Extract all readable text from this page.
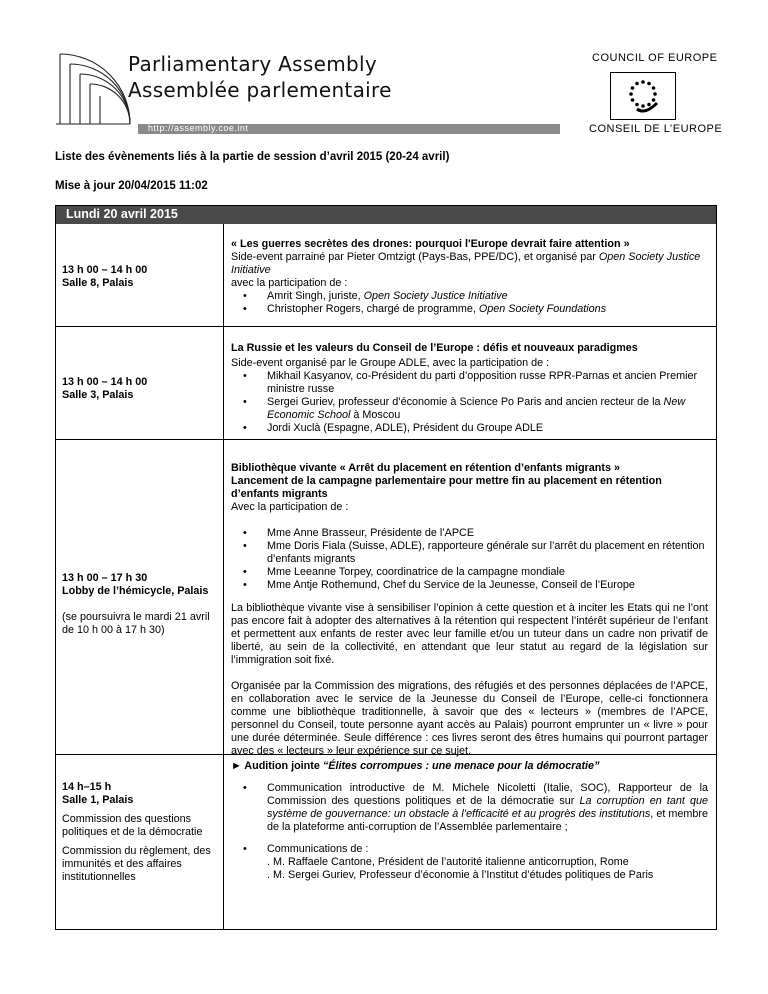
Parliamentary Assembly
Assemblée parlementaire
http://assembly.coe.int
COUNCIL OF EUROPE
CONSEIL DE L’EUROPE
Liste des évènements liés à la partie de session d’avril 2015 (20-24 avril)
Mise à jour 20/04/2015 11:02
Lundi 20 avril 2015
13 h 00 – 14 h 00
Salle 8, Palais
« Les guerres secrètes des drones: pourquoi l'Europe devrait faire attention »
Side-event parrainé par Pieter Omtzigt (Pays-Bas, PPE/DC), et organisé par Open Society Justice Initiative
avec la participation de :
• Amrit Singh, juriste, Open Society Justice Initiative
• Christopher Rogers, chargé de programme, Open Society Foundations
13 h 00 – 14 h 00
Salle 3, Palais
La Russie et les valeurs du Conseil de l’Europe : défis et nouveaux paradigmes
Side-event organisé par le Groupe ADLE, avec la participation de :
• Mikhail Kasyanov, co-Président du parti d’opposition russe RPR-Parnas et ancien Premier ministre russe
• Sergei Guriev, professeur d’économie à Science Po Paris and ancien recteur de la New Economic School à Moscou
• Jordi Xuclà (Espagne, ADLE), Président du Groupe ADLE
13 h 00 – 17 h 30
Lobby de l’hémicycle, Palais
(se poursuivra le mardi 21 avril de 10 h 00 à 17 h 30)
Bibliothèque vivante « Arrêt du placement en rétention d’enfants migrants »
Lancement de la campagne parlementaire pour mettre fin au placement en rétention d’enfants migrants
Avec la participation de :
• Mme Anne Brasseur, Présidente de l’APCE
• Mme Doris Fiala (Suisse, ADLE), rapporteure générale sur l’arrêt du placement en rétention d’enfants migrants
• Mme Leeanne Torpey, coordinatrice de la campagne mondiale
• Mme Antje Rothemund, Chef du Service de la Jeunesse, Conseil de l’Europe

La bibliothèque vivante vise à sensibiliser l’opinion à cette question et à inciter les Etats qui ne l’ont pas encore fait à adopter des alternatives à la rétention qui respectent l’intérêt supérieur de l’enfant et permettent aux enfants de rester avec leur famille et/ou un tuteur dans un cadre non privatif de liberté, au sein de la collectivité, en attendant que leur statut au regard de la législation sur l’immigration soit fixé.

Organisée par la Commission des migrations, des réfugiés et des personnes déplacées de l’APCE, en collaboration avec le service de la Jeunesse du Conseil de l’Europe, celle-ci fonctionnera comme une bibliothèque traditionnelle, à savoir que des « lecteurs » (membres de l’APCE, personnel du Conseil, toute personne ayant accès au Palais) pourront emprunter un « livre » pour une durée déterminée. Seule différence : ces livres seront des êtres humains qui pourront partager avec des « lecteurs » leur expérience sur ce sujet.

14 h–15 h
Salle 1, Palais
Commission des questions politiques et de la démocratie
Commission du règlement, des immunités et des affaires institutionnelles
► Audition jointe “Élites corrompues : une menace pour la démocratie”
• Communication introductive de M. Michele Nicoletti (Italie, SOC), Rapporteur de la Commission des questions politiques et de la démocratie sur La corruption en tant que système de gouvernance: un obstacle à l’efficacité et au progrès des institutions, et membre de la plateforme anti-corruption de l’Assemblée parlementaire ;
• Communications de :
. M. Raffaele Cantone, Président de l’autorité italienne anticorruption, Rome
. M. Sergei Guriev, Professeur d’économie à l’Institut d’études politiques de Paris
